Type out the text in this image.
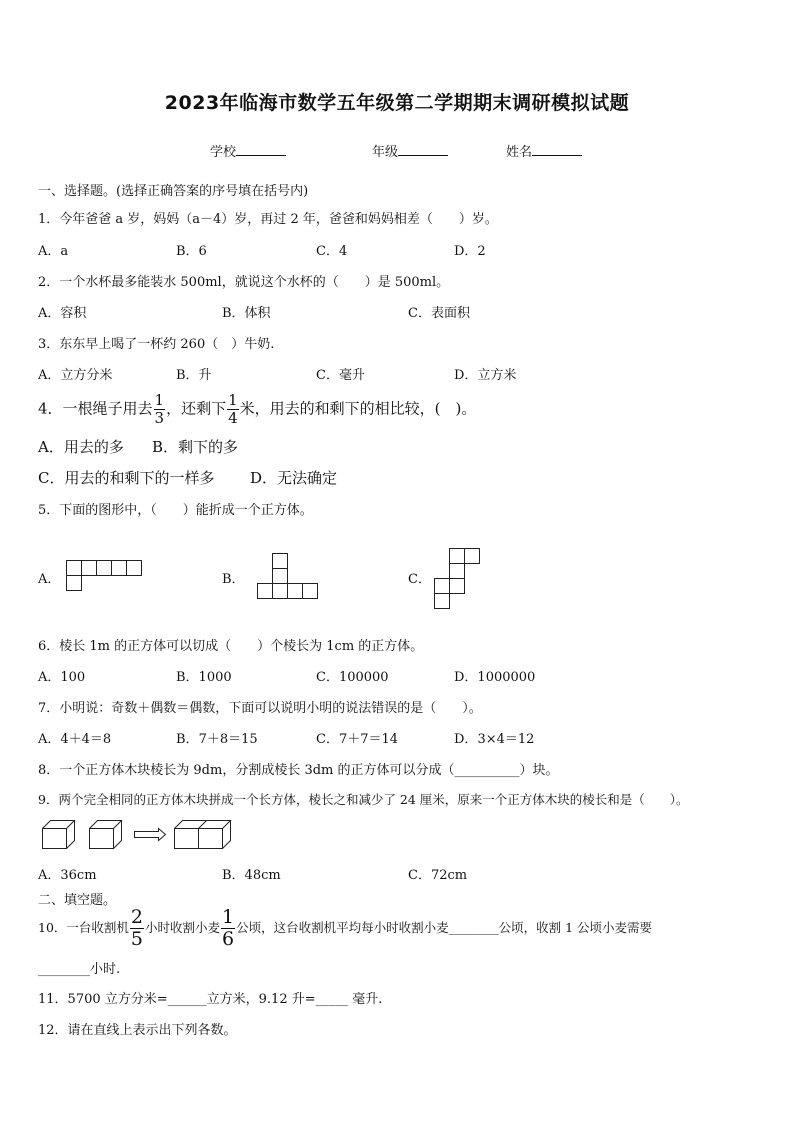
2023年临海市数学五年级第二学期期末调研模拟试题
学校	年级	姓名
一、选择题。(选择正确答案的序号填在括号内)
1．今年爸爸 a 岁，妈妈（a－4）岁，再过 2 年，爸爸和妈妈相差（　　）岁。
A．a	B．6	C．4	D．2
2．一个水杯最多能装水 500ml，就说这个水杯的（　　）是 500ml。
A．容积	B．体积	C．表面积
3．东东早上喝了一杯约 260（　）牛奶.
A．立方分米	B．升	C．毫升	D．立方米
4．一根绳子用去 $\frac{1}{3}$ ，还剩下 $\frac{1}{4}$ 米，用去的和剩下的相比较，(　)。
A．用去的多 B．剩下的多
C．用去的和剩下的一样多 D．无法确定
5．下面的图形中，（　　）能折成一个正方体。
A．	B．	C．
6．棱长 1m 的正方体可以切成（　　）个棱长为 1cm 的正方体。
A．100	B．1000	C．100000	D．1000000
7．小明说：奇数＋偶数＝偶数，下面可以说明小明的说法错误的是（　　）。
A．4＋4＝8	B．7＋8＝15	C．7＋7＝14	D．3×4＝12
8．一个正方体木块棱长为 9dm，分割成棱长 3dm 的正方体可以分成（__________）块。
9．两个完全相同的正方体木块拼成一个长方体，棱长之和减少了 24 厘米，原来一个正方体木块的棱长和是（　　）。
A．36cm	B．48cm	C．72cm
二、填空题。
10．一台收割机 $\frac{2}{5}$ 小时收割小麦 $\frac{1}{6}$ 公顷，这台收割机平均每小时收割小麦________公顷，收割 1 公顷小麦需要
________小时.
11．5700 立方分米=______立方米，9.12 升=_____ 毫升.
12．请在直线上表示出下列各数。
